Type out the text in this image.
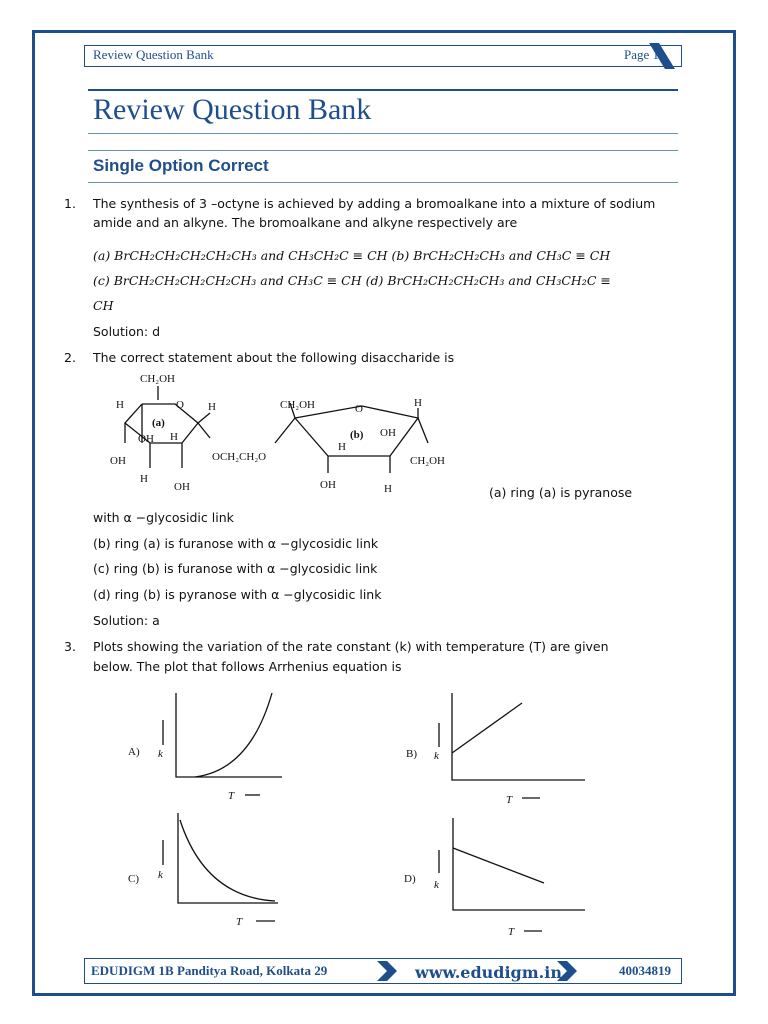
Review Question Bank	Page 1
Review Question Bank
Single Option Correct
1. The synthesis of 3 –octyne is achieved by adding a bromoalkane into a mixture of sodium
amide and an alkyne. The bromoalkane and alkyne respectively are
(a) BrCH₂CH₂CH₂CH₂CH₃ and CH₃CH₂C ≡ CH (b) BrCH₂CH₂CH₃ and CH₃C ≡ CH
(c) BrCH₂CH₂CH₂CH₂CH₃ and CH₃C ≡ CH (d) BrCH₂CH₂CH₂CH₃ and CH₃CH₂C ≡
CH
Solution: d
2. The correct statement about the following disaccharide is
CH₂OH
H	O H
(a)
OH H
OH	OCH₂CH₂O
H
OH
CH₂OH	O	H
(b) OH
H
CH₂OH
OH	H	(a) ring (a) is pyranose
with α −glycosidic link
(b) ring (a) is furanose with α −glycosidic link
(c) ring (b) is furanose with α −glycosidic link
(d) ring (b) is pyranose with α −glycosidic link
Solution: a
3. Plots showing the variation of the rate constant (k) with temperature (T) are given
below. The plot that follows Arrhenius equation is
A) k
T
B) k
T
C) k
T
D) k
T
EDUDIGM 1B Panditya Road, Kolkata 29	www.edudigm.in	40034819
